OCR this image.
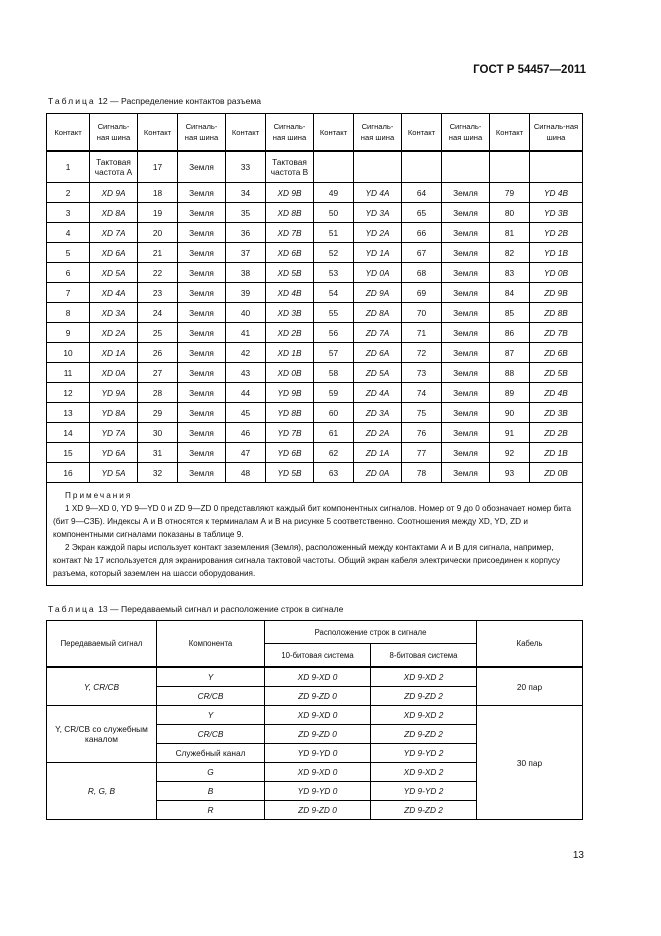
ГОСТ Р 54457—2011
Таблица 12 — Распределение контактов разъема
Контакт	Сигналь-ная шина	Контакт	Сигналь-ная шина	Контакт	Сигналь-ная шина	Контакт	Сигналь-ная шина	Контакт	Сигналь-ная шина	Контакт	Сигналь-ная шина
1	Тактовая частота А	17	Земля	33	Тактовая частота В						
2	XD 9A	18	Земля	34	XD 9B	49	YD 4A	64	Земля	79	YD 4B
3	XD 8A	19	Земля	35	XD 8B	50	YD 3A	65	Земля	80	YD 3B
4	XD 7A	20	Земля	36	XD 7B	51	YD 2A	66	Земля	81	YD 2B
5	XD 6A	21	Земля	37	XD 6B	52	YD 1A	67	Земля	82	YD 1B
6	XD 5A	22	Земля	38	XD 5B	53	YD 0A	68	Земля	83	YD 0B
7	XD 4A	23	Земля	39	XD 4B	54	ZD 9A	69	Земля	84	ZD 9B
8	XD 3A	24	Земля	40	XD 3B	55	ZD 8A	70	Земля	85	ZD 8B
9	XD 2A	25	Земля	41	XD 2B	56	ZD 7A	71	Земля	86	ZD 7B
10	XD 1A	26	Земля	42	XD 1B	57	ZD 6A	72	Земля	87	ZD 6B
11	XD 0A	27	Земля	43	XD 0B	58	ZD 5A	73	Земля	88	ZD 5B
12	YD 9A	28	Земля	44	YD 9B	59	ZD 4A	74	Земля	89	ZD 4B
13	YD 8A	29	Земля	45	YD 8B	60	ZD 3A	75	Земля	90	ZD 3B
14	YD 7A	30	Земля	46	YD 7B	61	ZD 2A	76	Земля	91	ZD 2B
15	YD 6A	31	Земля	47	YD 6B	62	ZD 1A	77	Земля	92	ZD 1B
16	YD 5A	32	Земля	48	YD 5B	63	ZD 0A	78	Земля	93	ZD 0B

Примечания
1 XD 9—XD 0, YD 9—YD 0 и ZD 9—ZD 0 представляют каждый бит компонентных сигналов. Номер от 9 до 0 обозначает номер бита (бит 9—СЗБ). Индексы А и В относятся к терминалам А и В на рисунке 5 соответственно. Соотношения между XD, YD, ZD и компонентными сигналами показаны в таблице 9.
2 Экран каждой пары использует контакт заземления (Земля), расположенный между контактами А и В для сигнала, например, контакт № 17 используется для экранирования сигнала тактовой частоты. Общий экран кабеля электрически присоединен к корпусу разъема, который заземлен на шасси оборудования.											
Таблица 13 — Передаваемый сигнал и расположение строк в сигнале
Передаваемый сигнал	Компонента	Расположение строк в сигнале		Кабель
		10-битовая система	8-битовая система	
Y, CR/CB	Y	XD 9-XD 0	XD 9-XD 2	20 пар
	CR/CB	ZD 9-ZD 0	ZD 9-ZD 2	
Y, CR/CB со служебным каналом	Y	XD 9-XD 0	XD 9-XD 2	30 пар
	CR/CB	ZD 9-ZD 0	ZD 9-ZD 2	
	Служебный канал	YD 9-YD 0	YD 9-YD 2	
R, G, B	G	XD 9-XD 0	XD 9-XD 2	
	B	YD 9-YD 0	YD 9-YD 2	
	R	ZD 9-ZD 0	ZD 9-ZD 2	
13
